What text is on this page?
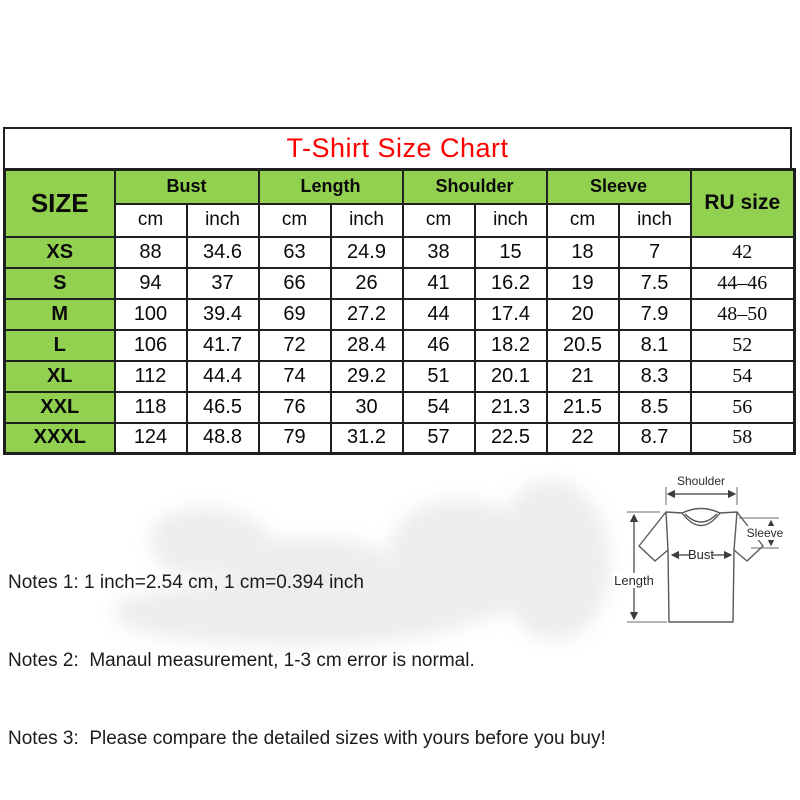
T-Shirt Size Chart
SIZE	Bust		Length		Shoulder		Sleeve		RU size
	cm	inch	cm	inch	cm	inch	cm	inch	
XS	88	34.6	63	24.9	38	15	18	7	42
S	94	37	66	26	41	16.2	19	7.5	44–46
M	100	39.4	69	27.2	44	17.4	20	7.9	48–50
L	106	41.7	72	28.4	46	18.2	20.5	8.1	52
XL	112	44.4	74	29.2	51	20.1	21	8.3	54
XXL	118	46.5	76	30	54	21.3	21.5	8.5	56
XXXL	124	48.8	79	31.2	57	22.5	22	8.7	58

Notes 1: 1 inch=2.54 cm, 1 cm=0.394 inch

Notes 2:  Manaul measurement, 1-3 cm error is normal.

Notes 3:  Please compare the detailed sizes with yours before you buy!

Shoulder
Sleeve
Bust
Length
